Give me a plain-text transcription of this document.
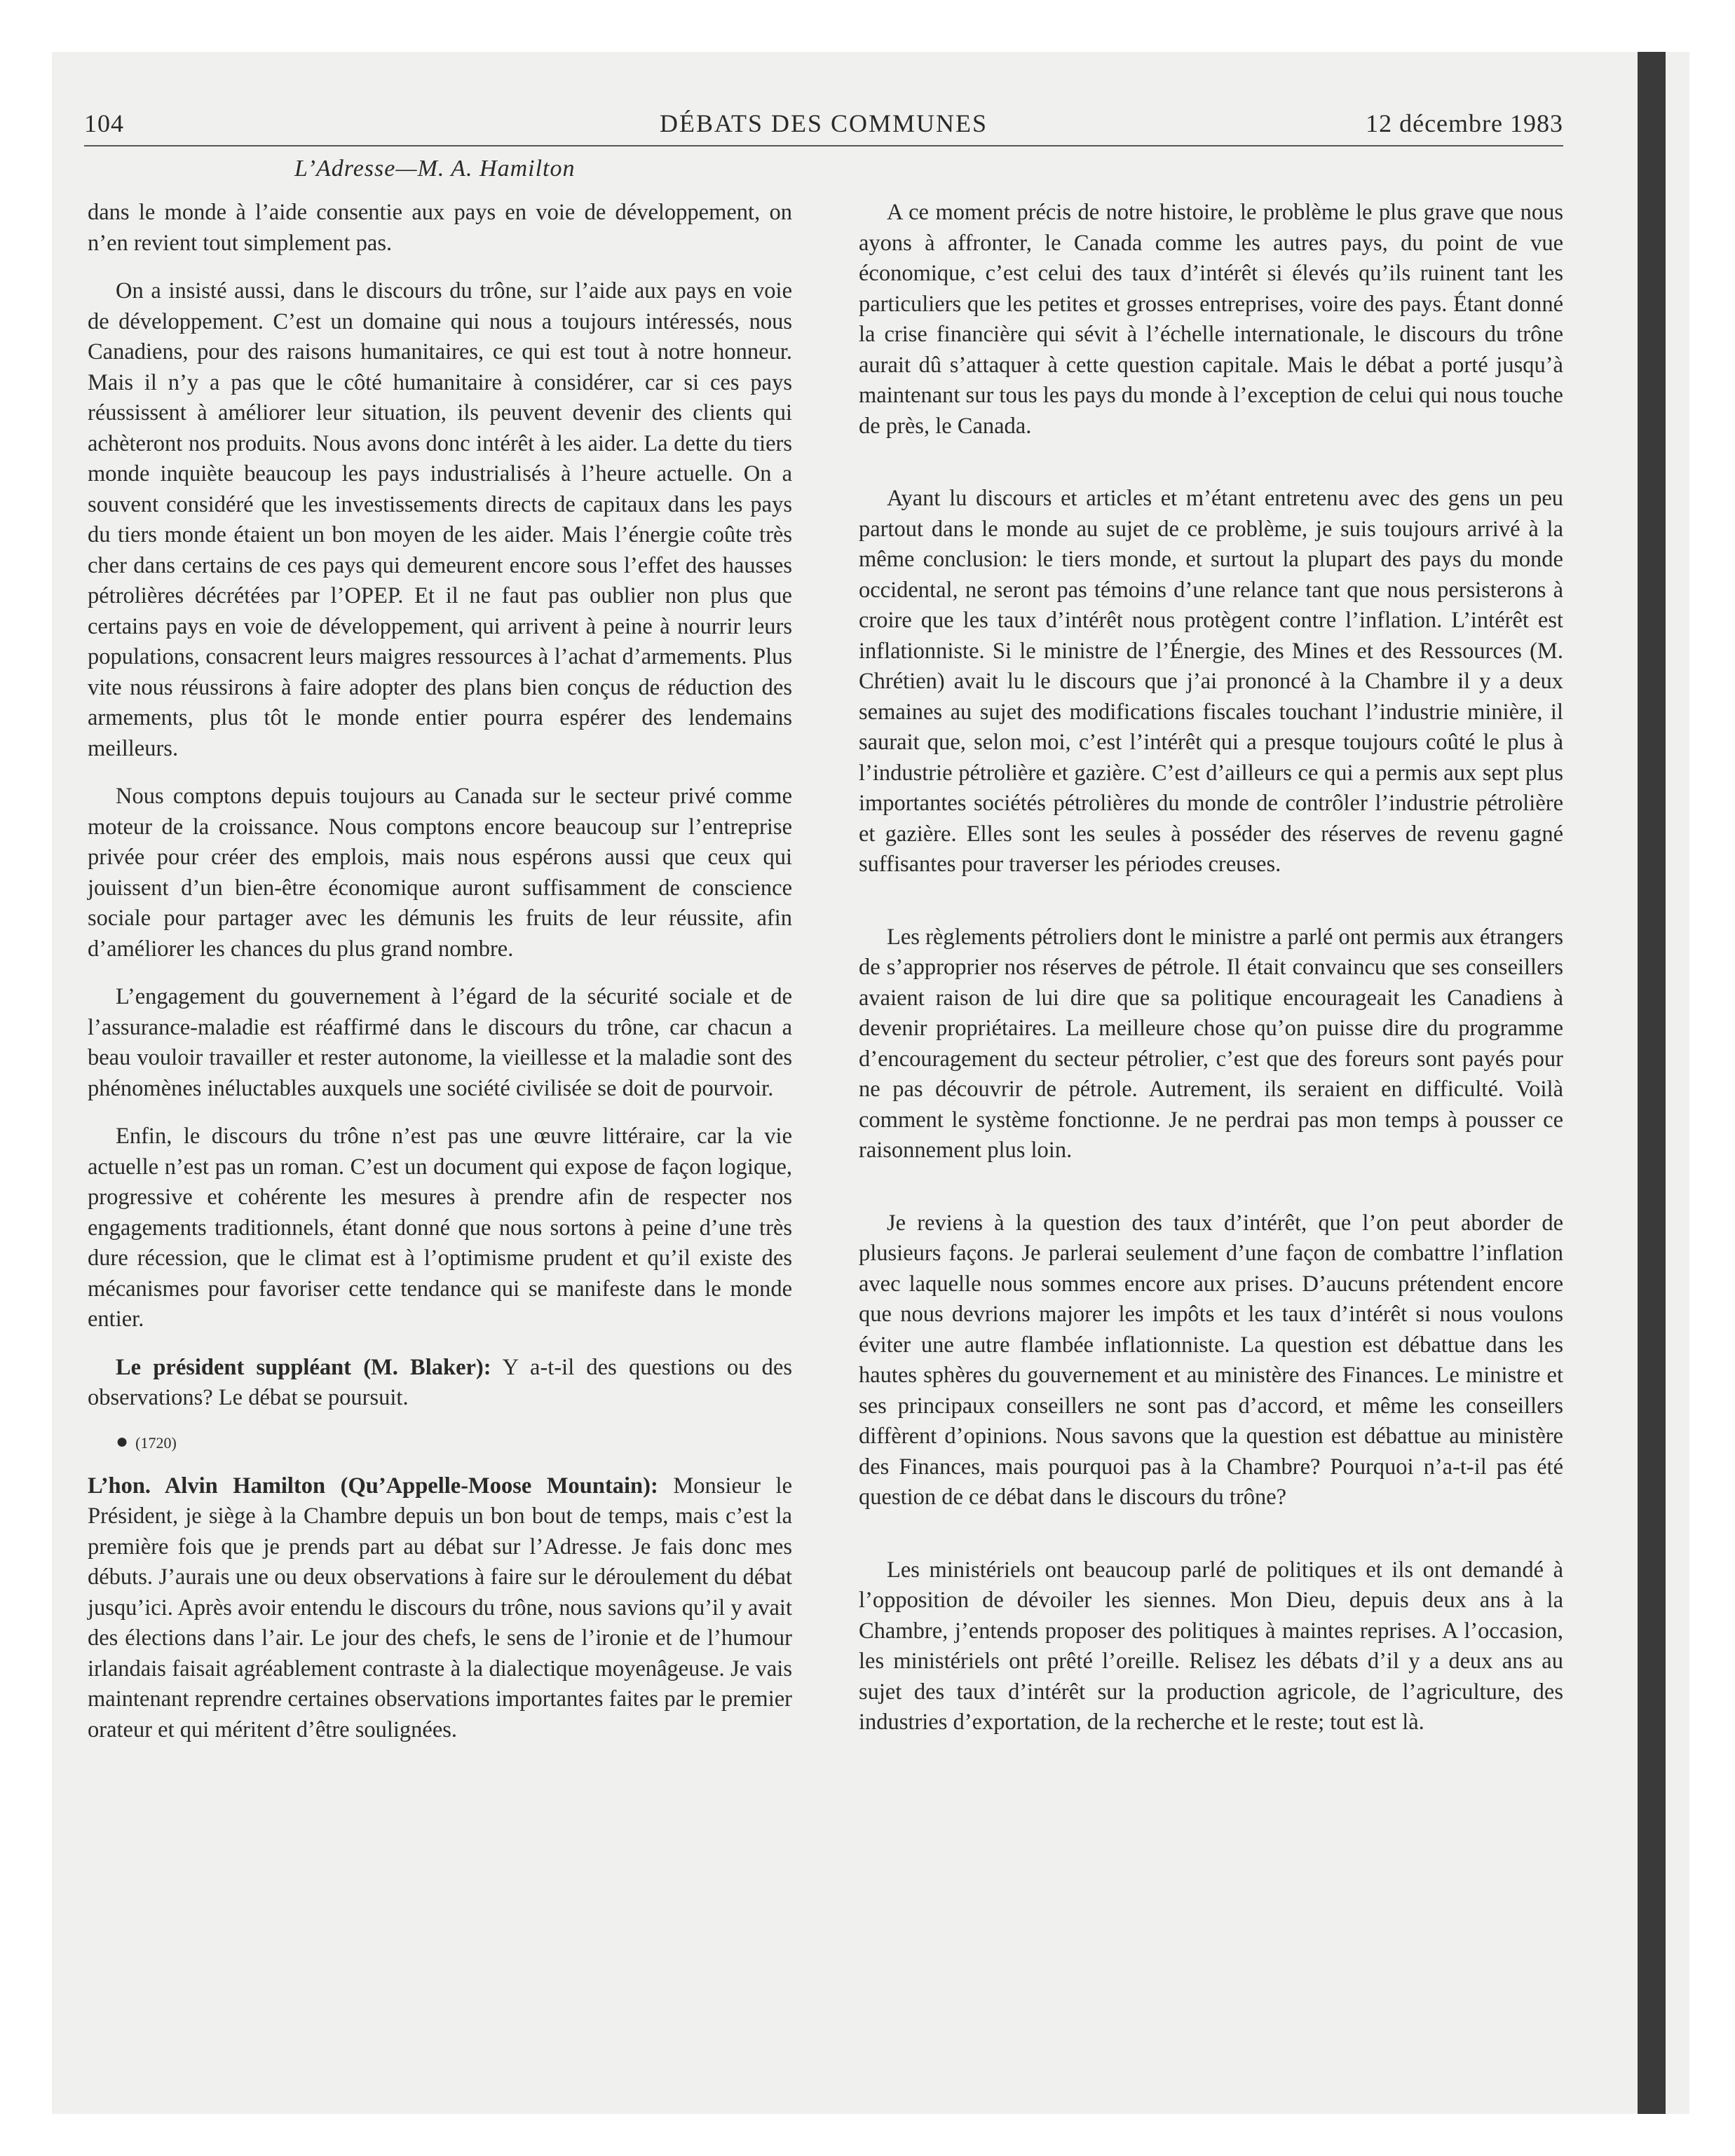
104	DÉBATS DES COMMUNES	12 décembre 1983
L’Adresse—M. A. Hamilton

dans le monde à l’aide consentie aux pays en voie de développement, on n’en revient tout simplement pas.

On a insisté aussi, dans le discours du trône, sur l’aide aux pays en voie de développement. C’est un domaine qui nous a toujours intéressés, nous Canadiens, pour des raisons humanitaires, ce qui est tout à notre honneur. Mais il n’y a pas que le côté humanitaire à considérer, car si ces pays réussissent à améliorer leur situation, ils peuvent devenir des clients qui achèteront nos produits. Nous avons donc intérêt à les aider. La dette du tiers monde inquiète beaucoup les pays industrialisés à l’heure actuelle. On a souvent considéré que les investissements directs de capitaux dans les pays du tiers monde étaient un bon moyen de les aider. Mais l’énergie coûte très cher dans certains de ces pays qui demeurent encore sous l’effet des hausses pétrolières décrétées par l’OPEP. Et il ne faut pas oublier non plus que certains pays en voie de développement, qui arrivent à peine à nourrir leurs populations, consacrent leurs maigres ressources à l’achat d’armements. Plus vite nous réussirons à faire adopter des plans bien conçus de réduction des armements, plus tôt le monde entier pourra espérer des lendemains meilleurs.

Nous comptons depuis toujours au Canada sur le secteur privé comme moteur de la croissance. Nous comptons encore beaucoup sur l’entreprise privée pour créer des emplois, mais nous espérons aussi que ceux qui jouissent d’un bien-être économique auront suffisamment de conscience sociale pour partager avec les démunis les fruits de leur réussite, afin d’améliorer les chances du plus grand nombre.

L’engagement du gouvernement à l’égard de la sécurité sociale et de l’assurance-maladie est réaffirmé dans le discours du trône, car chacun a beau vouloir travailler et rester autonome, la vieillesse et la maladie sont des phénomènes inéluctables auxquels une société civilisée se doit de pourvoir.

Enfin, le discours du trône n’est pas une œuvre littéraire, car la vie actuelle n’est pas un roman. C’est un document qui expose de façon logique, progressive et cohérente les mesures à prendre afin de respecter nos engagements traditionnels, étant donné que nous sortons à peine d’une très dure récession, que le climat est à l’optimisme prudent et qu’il existe des mécanismes pour favoriser cette tendance qui se manifeste dans le monde entier.

Le président suppléant (M. Blaker): Y a-t-il des questions ou des observations? Le débat se poursuit.

● (1720)

L’hon. Alvin Hamilton (Qu’Appelle-Moose Mountain): Monsieur le Président, je siège à la Chambre depuis un bon bout de temps, mais c’est la première fois que je prends part au débat sur l’Adresse. Je fais donc mes débuts. J’aurais une ou deux observations à faire sur le déroulement du débat jusqu’ici. Après avoir entendu le discours du trône, nous savions qu’il y avait des élections dans l’air. Le jour des chefs, le sens de l’ironie et de l’humour irlandais faisait agréablement contraste à la dialectique moyenâgeuse. Je vais maintenant reprendre certaines observations importantes faites par le premier orateur et qui méritent d’être soulignées.

A ce moment précis de notre histoire, le problème le plus grave que nous ayons à affronter, le Canada comme les autres pays, du point de vue économique, c’est celui des taux d’intérêt si élevés qu’ils ruinent tant les particuliers que les petites et grosses entreprises, voire des pays. Étant donné la crise financière qui sévit à l’échelle internationale, le discours du trône aurait dû s’attaquer à cette question capitale. Mais le débat a porté jusqu’à maintenant sur tous les pays du monde à l’exception de celui qui nous touche de près, le Canada.

Ayant lu discours et articles et m’étant entretenu avec des gens un peu partout dans le monde au sujet de ce problème, je suis toujours arrivé à la même conclusion: le tiers monde, et surtout la plupart des pays du monde occidental, ne seront pas témoins d’une relance tant que nous persisterons à croire que les taux d’intérêt nous protègent contre l’inflation. L’intérêt est inflationniste. Si le ministre de l’Énergie, des Mines et des Ressources (M. Chrétien) avait lu le discours que j’ai prononcé à la Chambre il y a deux semaines au sujet des modifications fiscales touchant l’industrie minière, il saurait que, selon moi, c’est l’intérêt qui a presque toujours coûté le plus à l’industrie pétrolière et gazière. C’est d’ailleurs ce qui a permis aux sept plus importantes sociétés pétrolières du monde de contrôler l’industrie pétrolière et gazière. Elles sont les seules à posséder des réserves de revenu gagné suffisantes pour traverser les périodes creuses.

Les règlements pétroliers dont le ministre a parlé ont permis aux étrangers de s’approprier nos réserves de pétrole. Il était convaincu que ses conseillers avaient raison de lui dire que sa politique encourageait les Canadiens à devenir propriétaires. La meilleure chose qu’on puisse dire du programme d’encouragement du secteur pétrolier, c’est que des foreurs sont payés pour ne pas découvrir de pétrole. Autrement, ils seraient en difficulté. Voilà comment le système fonctionne. Je ne perdrai pas mon temps à pousser ce raisonnement plus loin.

Je reviens à la question des taux d’intérêt, que l’on peut aborder de plusieurs façons. Je parlerai seulement d’une façon de combattre l’inflation avec laquelle nous sommes encore aux prises. D’aucuns prétendent encore que nous devrions majorer les impôts et les taux d’intérêt si nous voulons éviter une autre flambée inflationniste. La question est débattue dans les hautes sphères du gouvernement et au ministère des Finances. Le ministre et ses principaux conseillers ne sont pas d’accord, et même les conseillers diffèrent d’opinions. Nous savons que la question est débattue au ministère des Finances, mais pourquoi pas à la Chambre? Pourquoi n’a-t-il pas été question de ce débat dans le discours du trône?

Les ministériels ont beaucoup parlé de politiques et ils ont demandé à l’opposition de dévoiler les siennes. Mon Dieu, depuis deux ans à la Chambre, j’entends proposer des politiques à maintes reprises. A l’occasion, les ministériels ont prêté l’oreille. Relisez les débats d’il y a deux ans au sujet des taux d’intérêt sur la production agricole, de l’agriculture, des industries d’exportation, de la recherche et le reste; tout est là.
